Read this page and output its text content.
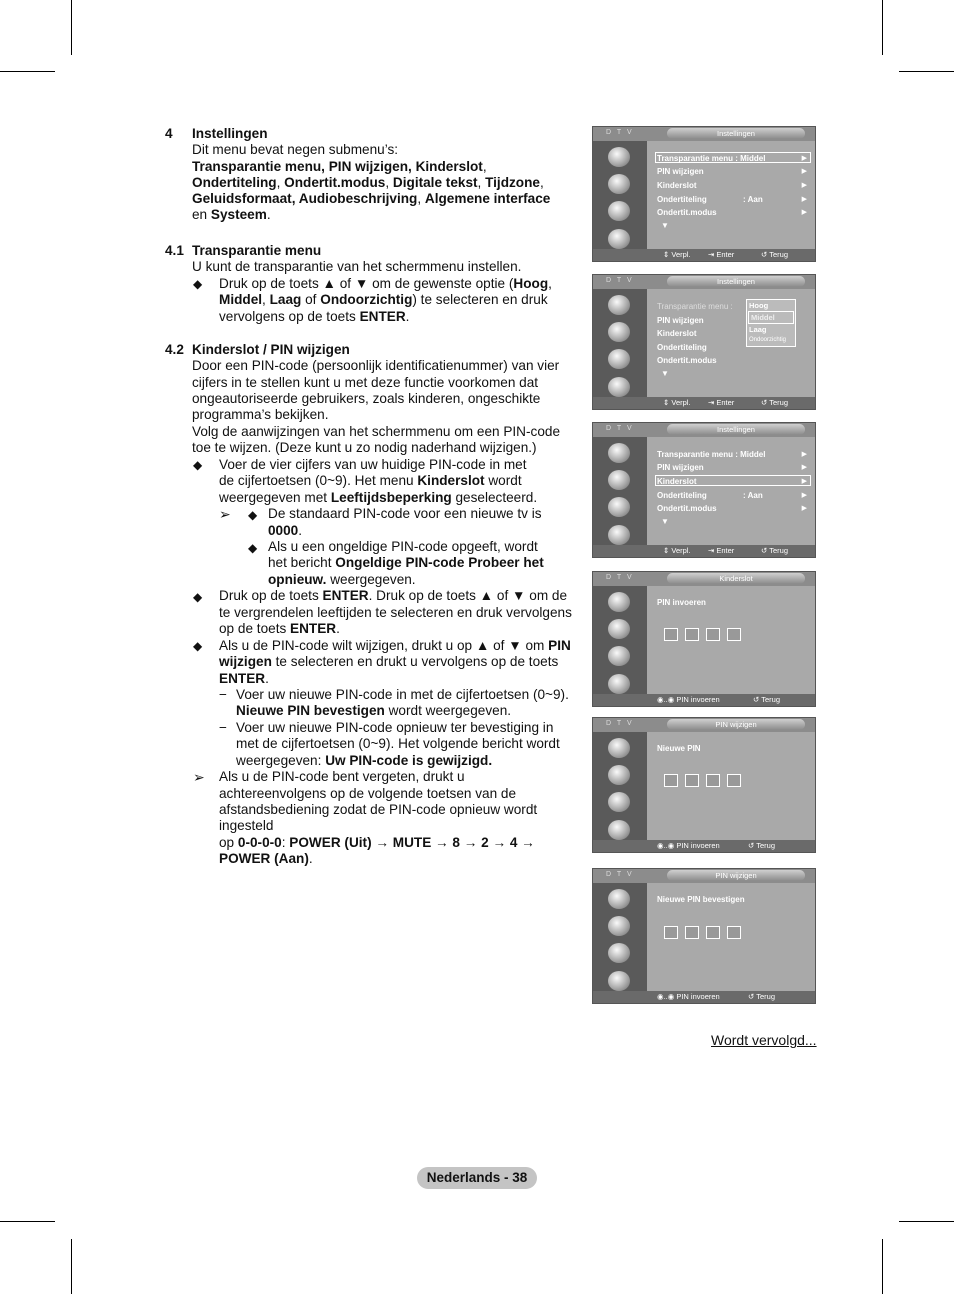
4 Instellingen
Dit menu bevat negen submenu’s:
Transparantie menu, PIN wijzigen, Kinderslot,
Ondertiteling, Ondertit.modus, Digitale tekst, Tijdzone,
Geluidsformaat, Audiobeschrijving, Algemene interface
en Systeem.
4.1 Transparantie menu
U kunt de transparantie van het schermmenu instellen.
◆ Druk op de toets ▲ of ▼ om de gewenste optie (Hoog,
Middel, Laag of Ondoorzichtig) te selecteren en druk
vervolgens op de toets ENTER.
4.2 Kinderslot / PIN wijzigen
Door een PIN-code (persoonlijk identificatienummer) van vier
cijfers in te stellen kunt u met deze functie voorkomen dat
ongeautoriseerde gebruikers, zoals kinderen, ongeschikte
programma’s bekijken.
Volg de aanwijzingen van het schermmenu om een PIN-code
toe te wijzen. (Deze kunt u zo nodig naderhand wijzigen.)
◆ Voer de vier cijfers van uw huidige PIN-code in met
de cijfertoetsen (0~9). Het menu Kinderslot wordt
weergegeven met Leeftijdsbeperking geselecteerd.
➢ ◆ De standaard PIN-code voor een nieuwe tv is
0000.
◆ Als u een ongeldige PIN-code opgeeft, wordt
het bericht Ongeldige PIN-code Probeer het
opnieuw. weergegeven.
◆ Druk op de toets ENTER. Druk op de toets ▲ of ▼ om de
te vergrendelen leeftijden te selecteren en druk vervolgens
op de toets ENTER.
◆ Als u de PIN-code wilt wijzigen, drukt u op ▲ of ▼ om PIN
wijzigen te selecteren en drukt u vervolgens op de toets
ENTER.
− Voer uw nieuwe PIN-code in met de cijfertoetsen (0~9).
Nieuwe PIN bevestigen wordt weergegeven.
− Voer uw nieuwe PIN-code opnieuw ter bevestiging in
met de cijfertoetsen (0~9). Het volgende bericht wordt
weergegeven: Uw PIN-code is gewijzigd.
➢ Als u de PIN-code bent vergeten, drukt u
achtereenvolgens op de volgende toetsen van de
afstandsbediening zodat de PIN-code opnieuw wordt
ingesteld
op 0-0-0-0: POWER (Uit) → MUTE → 8 → 2 → 4 →
POWER (Aan).
D T V	Instellingen
Transparantie menu : Middel
PIN wijzigen
Kinderslot
Ondertiteling	: Aan
Ondertit.modus
▶
▶
▶
▶
▶
▼
⇕ Verpl. ⇥ Enter	↺ Terug
D T V	Instellingen
Transparantie menu :
PIN wijzigen
Kinderslot
Ondertiteling
Ondertit.modus
▼
Hoog
Middel
Laag
Ondoorzichtig
⇕ Verpl. ⇥ Enter	↺ Terug
D T V	Instellingen
Transparantie menu : Middel
PIN wijzigen
Kinderslot
Ondertiteling	: Aan
Ondertit.modus
▶
▶
▶
▶
▶
▼
⇕ Verpl. ⇥ Enter	↺ Terug
D T V	Kinderslot
PIN invoeren
◉..◉ PIN invoeren	↺ Terug
D T V	PIN wijzigen
Nieuwe PIN
◉..◉ PIN invoeren	↺ Terug
D T V	PIN wijzigen
Nieuwe PIN bevestigen
◉..◉ PIN invoeren	↺ Terug
Wordt vervolgd...
Nederlands - 38
